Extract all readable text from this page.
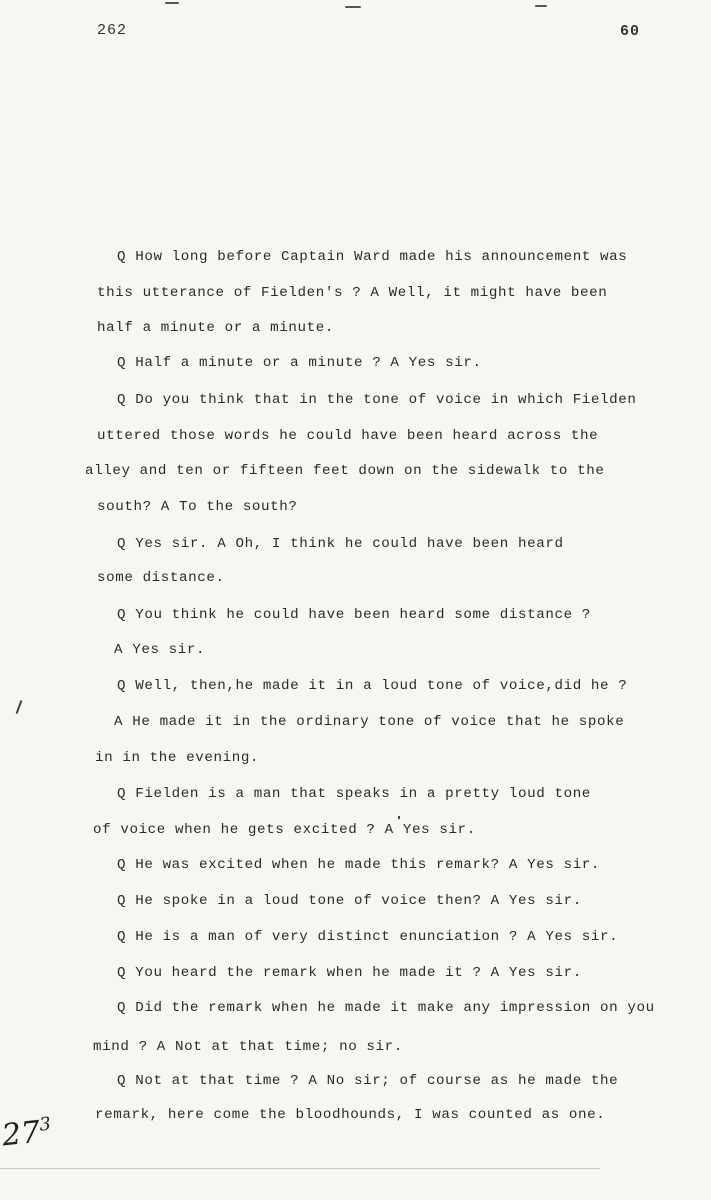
262	60
Q How long before Captain Ward made his announcement was
this utterance of Fielden's ? A Well, it might have been
half a minute or a minute.
Q Half a minute or a minute ? A Yes sir.
Q Do you think that in the tone of voice in which Fielden
uttered those words he could have been heard across the
alley and ten or fifteen feet down on the sidewalk to the
south? A To the south?
Q Yes sir. A Oh, I think he could have been heard
some distance.
Q You think he could have been heard some distance ?
A Yes sir.
Q Well, then,he made it in a loud tone of voice,did he ?
A He made it in the ordinary tone of voice that he spoke
in in the evening.
Q Fielden is a man that speaks in a pretty loud tone
of voice when he gets excited ? A Yes sir.
Q He was excited when he made this remark? A Yes sir.
Q He spoke in a loud tone of voice then? A Yes sir.
Q He is a man of very distinct enunciation ? A Yes sir.
Q You heard the remark when he made it ? A Yes sir.
Q Did the remark when he made it make any impression on you
mind ? A Not at that time; no sir.
Q Not at that time ? A No sir; of course as he made the
remark, here come the bloodhounds, I was counted as one.
$27^3$
